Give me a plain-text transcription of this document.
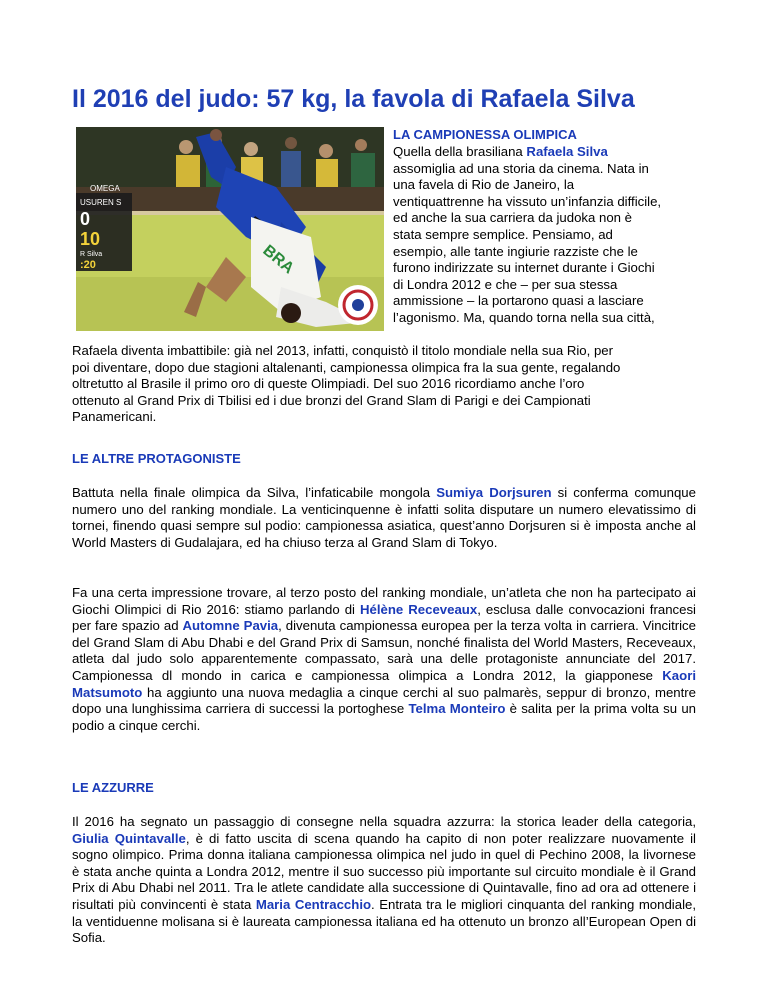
Il 2016 del judo: 57 kg, la favola di Rafaela Silva
USUREN S
0
10
R Silva
:20
OMEGA
BRA
LA CAMPIONESSA OLIMPICA

Quella della brasiliana Rafaela Silva
assomiglia ad una storia da cinema. Nata in
una favela di Rio de Janeiro, la
ventiquattrenne ha vissuto un’infanzia difficile,
ed anche la sua carriera da judoka non è
stata sempre semplice. Pensiamo, ad
esempio, alle tante ingiurie razziste che le
furono indirizzate su internet durante i Giochi
di Londra 2012 e che – per sua stessa
ammissione – la portarono quasi a lasciare
l’agonismo. Ma, quando torna nella sua città,

Rafaela diventa imbattibile: già nel 2013, infatti, conquistò il titolo mondiale nella sua Rio, per
poi diventare, dopo due stagioni altalenanti, campionessa olimpica fra la sua gente, regalando
oltretutto al Brasile il primo oro di queste Olimpiadi. Del suo 2016 ricordiamo anche l’oro
ottenuto al Grand Prix di Tbilisi ed i due bronzi del Grand Slam di Parigi e dei Campionati
Panamericani.

LE ALTRE PROTAGONISTE

Battuta nella finale olimpica da Silva, l’infaticabile mongola Sumiya Dorjsuren si conferma comunque numero uno del ranking mondiale. La venticinquenne è infatti solita disputare un numero elevatissimo di tornei, finendo quasi sempre sul podio: campionessa asiatica, quest’anno Dorjsuren si è imposta anche al World Masters di Gudalajara, ed ha chiuso terza al Grand Slam di Tokyo.

Fa una certa impressione trovare, al terzo posto del ranking mondiale, un’atleta che non ha partecipato ai Giochi Olimpici di Rio 2016: stiamo parlando di Hélène Receveaux, esclusa dalle convocazioni francesi per fare spazio ad Automne Pavia, divenuta campionessa europea per la terza volta in carriera. Vincitrice del Grand Slam di Abu Dhabi e del Grand Prix di Samsun, nonché finalista del World Masters, Receveaux, atleta dal judo solo apparentemente compassato, sarà una delle protagoniste annunciate del 2017. Campionessa dl mondo in carica e campionessa olimpica a Londra 2012, la giapponese Kaori Matsumoto ha aggiunto una nuova medaglia a cinque cerchi al suo palmarès, seppur di bronzo, mentre dopo una lunghissima carriera di successi la portoghese Telma Monteiro è salita per la prima volta su un podio a cinque cerchi.

LE AZZURRE

Il 2016 ha segnato un passaggio di consegne nella squadra azzurra: la storica leader della categoria, Giulia Quintavalle, è di fatto uscita di scena quando ha capito di non poter realizzare nuovamente il sogno olimpico. Prima donna italiana campionessa olimpica nel judo in quel di Pechino 2008, la livornese è stata anche quinta a Londra 2012, mentre il suo successo più importante sul circuito mondiale è il Grand Prix di Abu Dhabi nel 2011. Tra le atlete candidate alla successione di Quintavalle, fino ad ora ad ottenere i risultati più convincenti è stata Maria Centracchio. Entrata tra le migliori cinquanta del ranking mondiale, la ventiduenne molisana si è laureata campionessa italiana ed ha ottenuto un bronzo all’European Open di Sofia.
